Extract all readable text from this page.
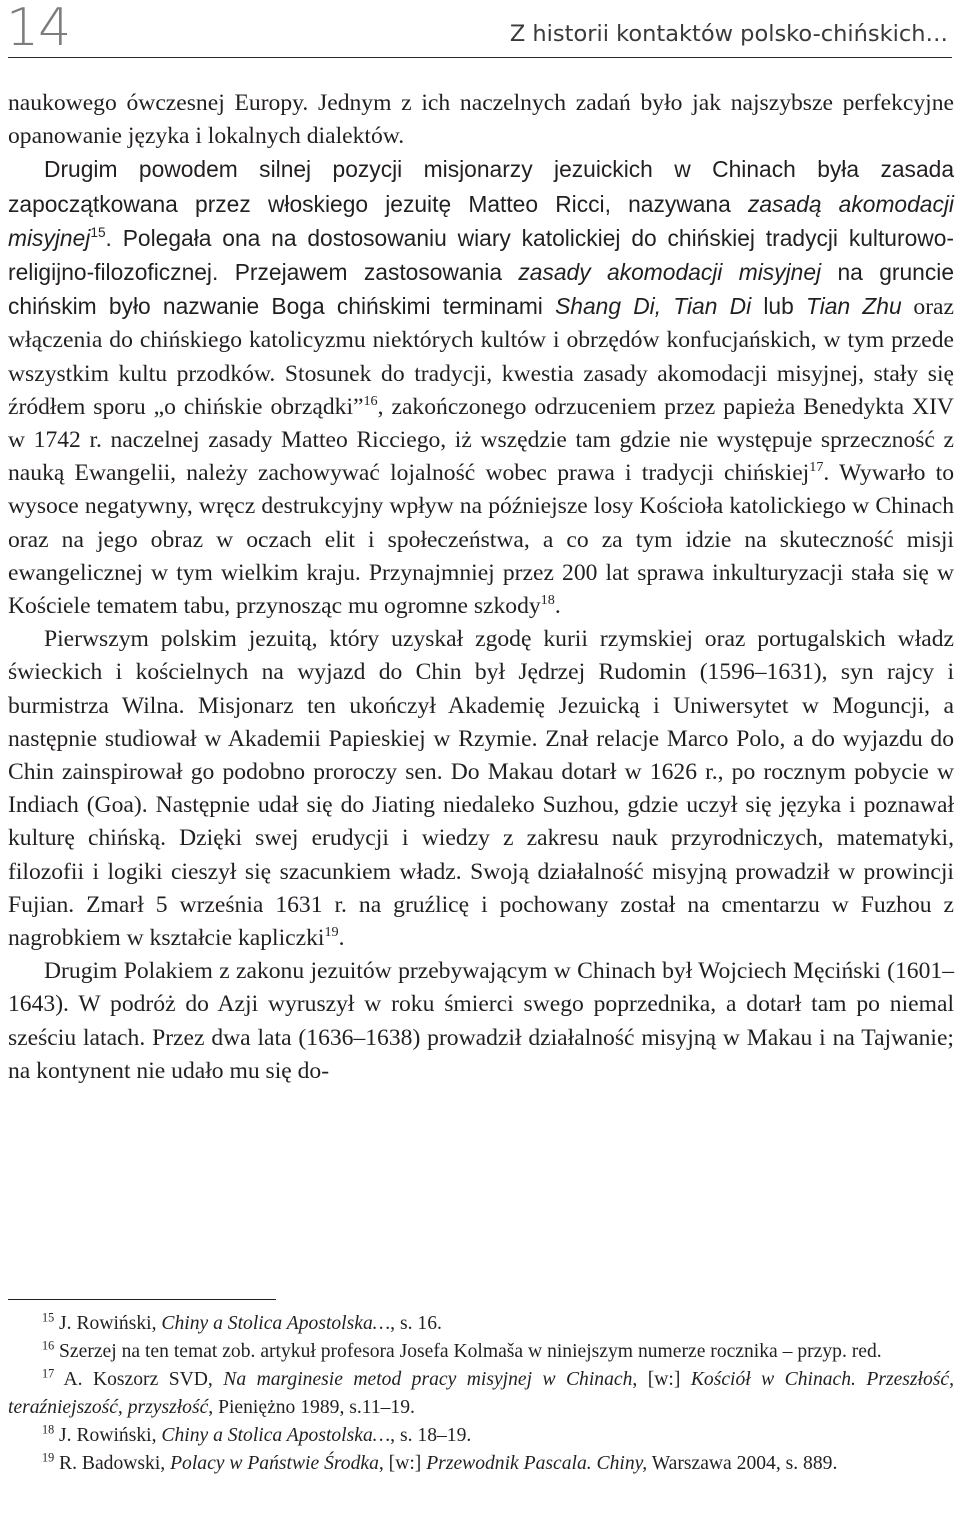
14	Z historii kontaktów polsko-chińskich…

naukowego ówczesnej Europy. Jednym z ich naczelnych zadań było jak najszybsze perfekcyjne opanowanie języka i lokalnych dialektów.

Drugim powodem silnej pozycji misjonarzy jezuickich w Chinach była zasada zapoczątkowana przez włoskiego jezuitę Matteo Ricci, nazywana zasadą akomodacji misyjnej$^{15}$. Polegała ona na dostosowaniu wiary katolickiej do chińskiej tradycji kulturowo-religijno-filozoficznej. Przejawem zastosowania zasady akomodacji misyjnej na gruncie chińskim było nazwanie Boga chińskimi terminami Shang Di, Tian Di lub Tian Zhu oraz włączenia do chińskiego katolicyzmu niektórych kultów i obrzędów konfucjańskich, w tym przede wszystkim kultu przodków. Stosunek do tradycji, kwestia zasady akomodacji misyjnej, stały się źródłem sporu „o chińskie obrządki”$^{16}$, zakończonego odrzuceniem przez papieża Benedykta XIV w 1742 r. naczelnej zasady Matteo Ricciego, iż wszędzie tam gdzie nie występuje sprzeczność z nauką Ewangelii, należy zachowywać lojalność wobec prawa i tradycji chińskiej$^{17}$. Wywarło to wysoce negatywny, wręcz destrukcyjny wpływ na późniejsze losy Kościoła katolickiego w Chinach oraz na jego obraz w oczach elit i społeczeństwa, a co za tym idzie na skuteczność misji ewangelicznej w tym wielkim kraju. Przynajmniej przez 200 lat sprawa inkulturyzacji stała się w Kościele tematem tabu, przynosząc mu ogromne szkody$^{18}$.

Pierwszym polskim jezuitą, który uzyskał zgodę kurii rzymskiej oraz portugalskich władz świeckich i kościelnych na wyjazd do Chin był Jędrzej Rudomin (1596–1631), syn rajcy i burmistrza Wilna. Misjonarz ten ukończył Akademię Jezuicką i Uniwersytet w Moguncji, a następnie studiował w Akademii Papieskiej w Rzymie. Znał relacje Marco Polo, a do wyjazdu do Chin zainspirował go podobno proroczy sen. Do Makau dotarł w 1626 r., po rocznym pobycie w Indiach (Goa). Następnie udał się do Jiating niedaleko Suzhou, gdzie uczył się języka i poznawał kulturę chińską. Dzięki swej erudycji i wiedzy z zakresu nauk przyrodniczych, matematyki, filozofii i logiki cieszył się szacunkiem władz. Swoją działalność misyjną prowadził w prowincji Fujian. Zmarł 5 września 1631 r. na gruźlicę i pochowany został na cmentarzu w Fuzhou z nagrobkiem w kształcie kapliczki$^{19}$.

Drugim Polakiem z zakonu jezuitów przebywającym w Chinach był Wojciech Męciński (1601–1643). W podróż do Azji wyruszył w roku śmierci swego poprzednika, a dotarł tam po niemal sześciu latach. Przez dwa lata (1636–1638) prowadził działalność misyjną w Makau i na Tajwanie; na kontynent nie udało mu się do-

$^{15}$ J. Rowiński, Chiny a Stolica Apostolska…, s. 16.

$^{16}$ Szerzej na ten temat zob. artykuł profesora Josefa Kolmaša w niniejszym numerze rocznika – przyp. red.

$^{17}$ A. Koszorz SVD, Na marginesie metod pracy misyjnej w Chinach, [w:] Kościół w Chinach. Przeszłość, teraźniejszość, przyszłość, Pieniężno 1989, s.11–19.

$^{18}$ J. Rowiński, Chiny a Stolica Apostolska…, s. 18–19.

$^{19}$ R. Badowski, Polacy w Państwie Środka, [w:] Przewodnik Pascala. Chiny, Warszawa 2004, s. 889.
